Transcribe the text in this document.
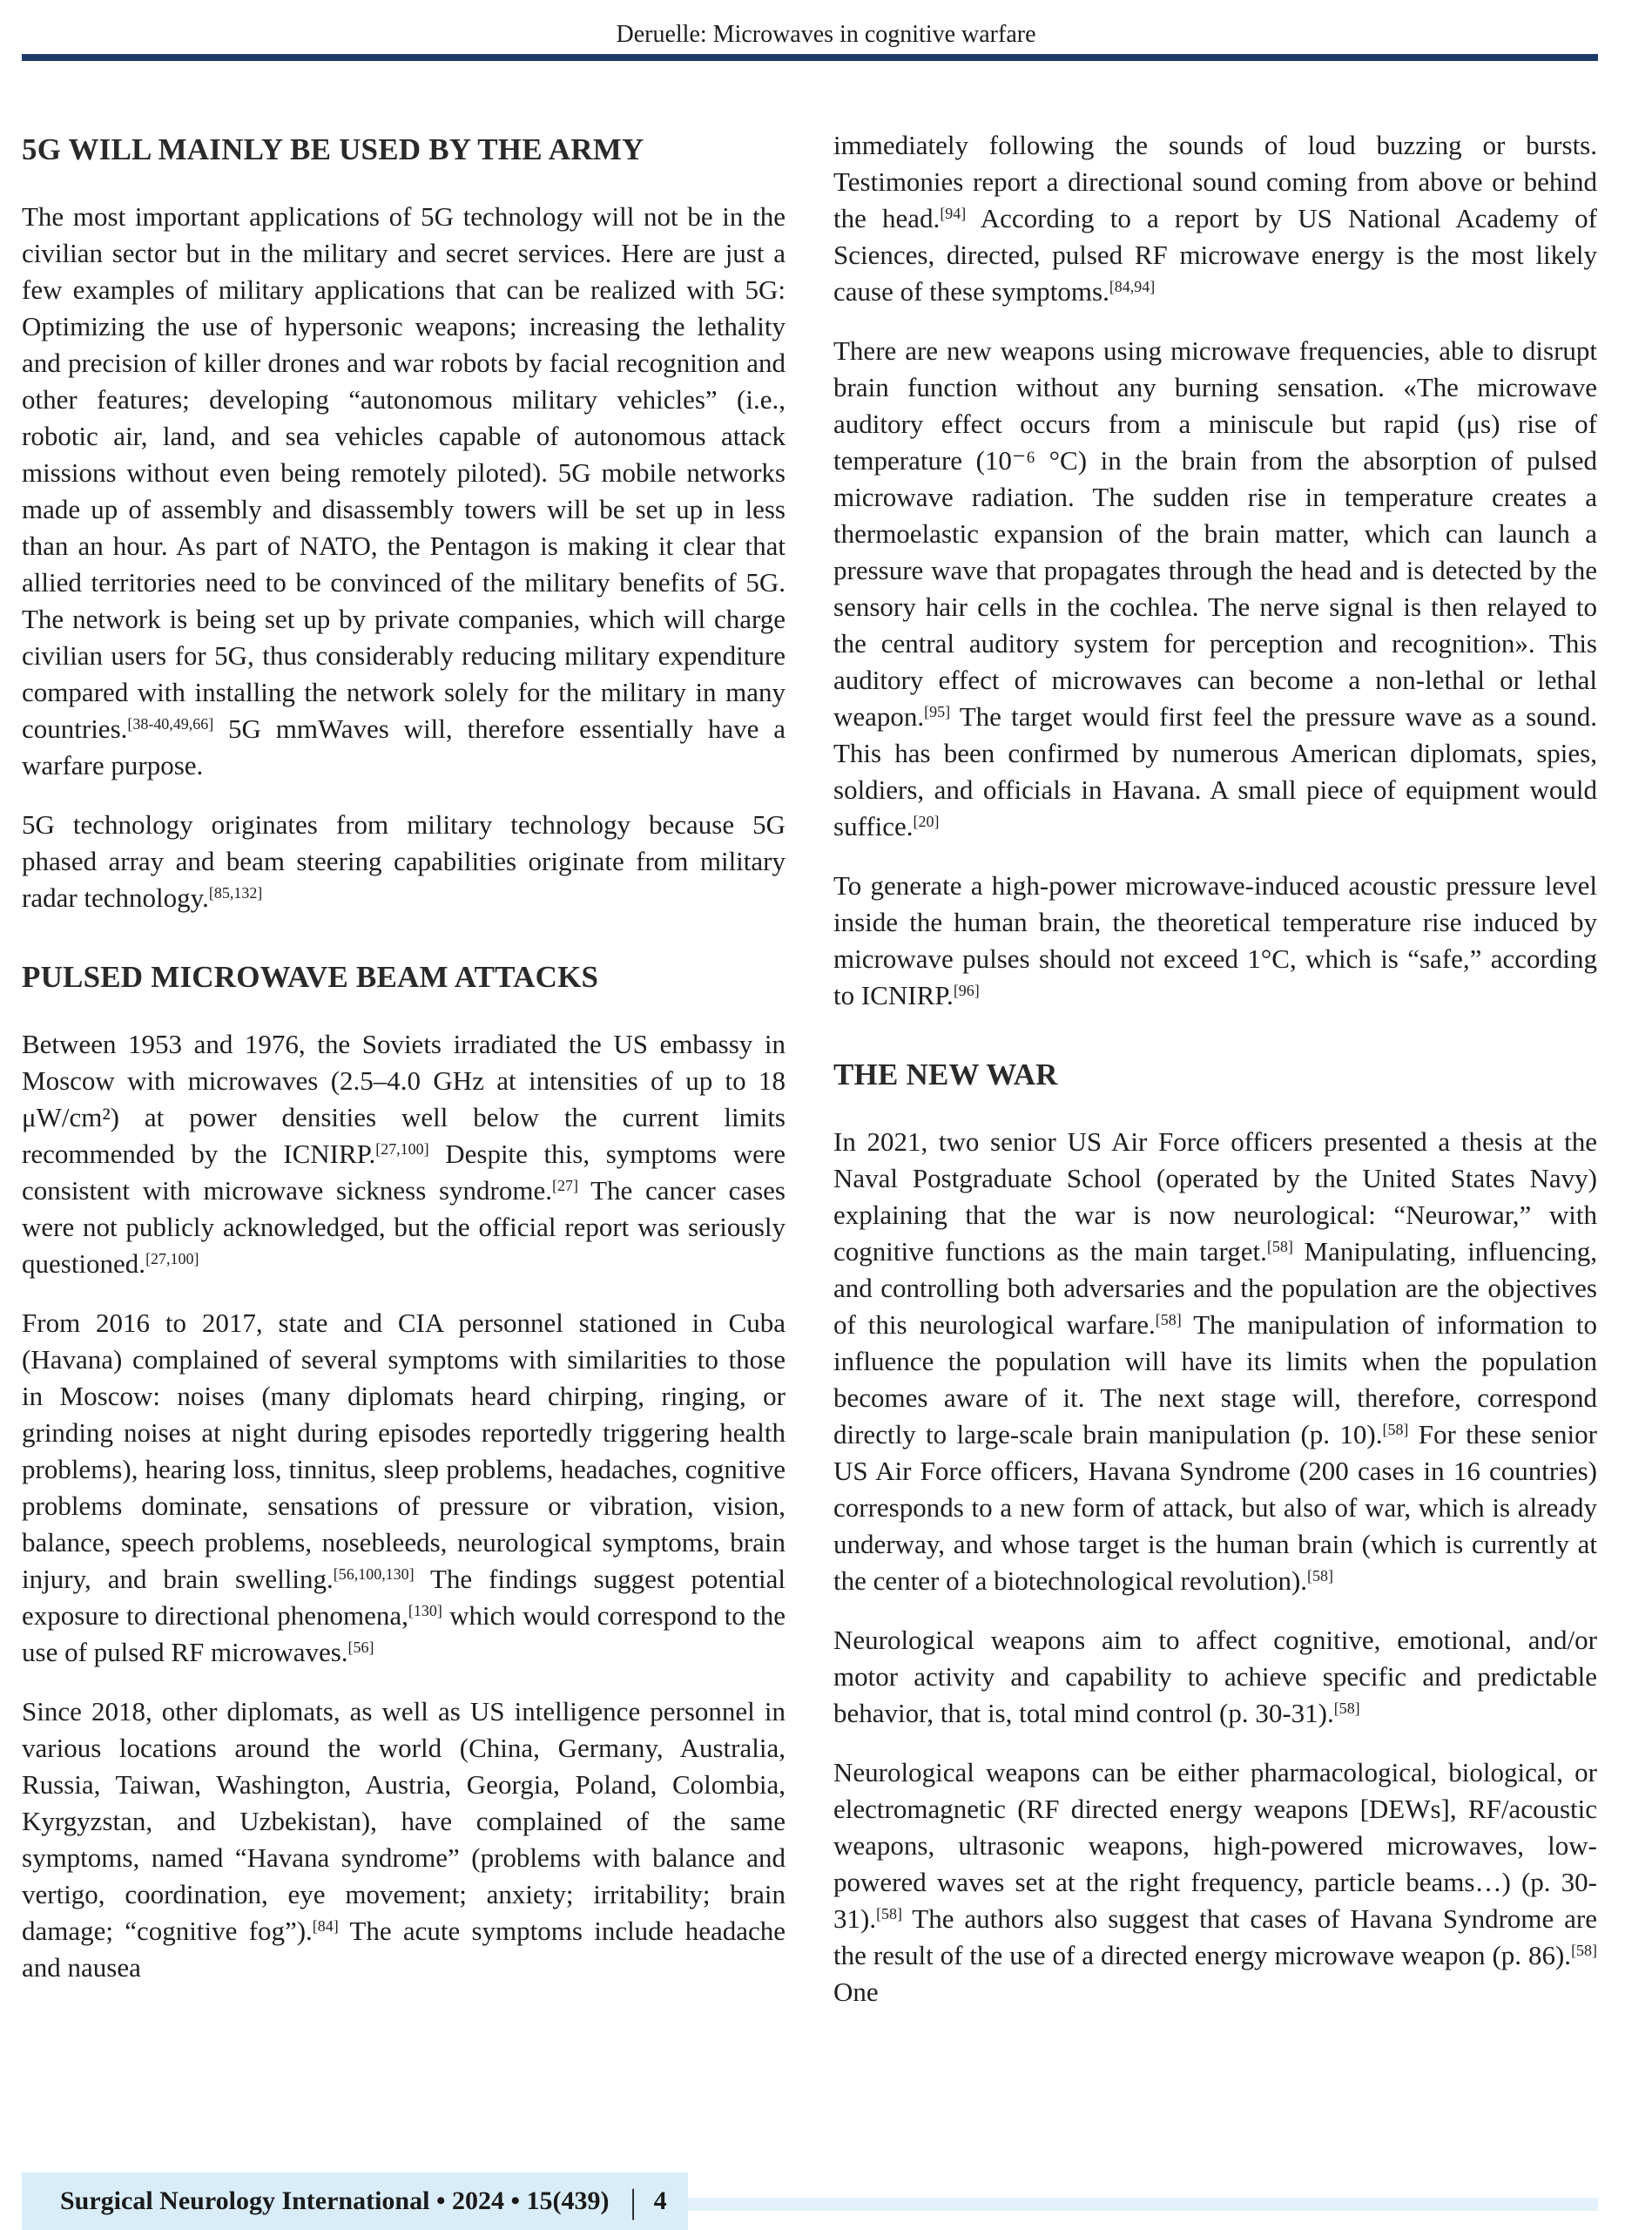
Deruelle: Microwaves in cognitive warfare
5G WILL MAINLY BE USED BY THE ARMY
The most important applications of 5G technology will not be in the civilian sector but in the military and secret services. Here are just a few examples of military applications that can be realized with 5G: Optimizing the use of hypersonic weapons; increasing the lethality and precision of killer drones and war robots by facial recognition and other features; developing “autonomous military vehicles” (i.e., robotic air, land, and sea vehicles capable of autonomous attack missions without even being remotely piloted). 5G mobile networks made up of assembly and disassembly towers will be set up in less than an hour. As part of NATO, the Pentagon is making it clear that allied territories need to be convinced of the military benefits of 5G. The network is being set up by private companies, which will charge civilian users for 5G, thus considerably reducing military expenditure compared with installing the network solely for the military in many countries.[38-40,49,66] 5G mmWaves will, therefore essentially have a warfare purpose.
5G technology originates from military technology because 5G phased array and beam steering capabilities originate from military radar technology.[85,132]
PULSED MICROWAVE BEAM ATTACKS
Between 1953 and 1976, the Soviets irradiated the US embassy in Moscow with microwaves (2.5–4.0 GHz at intensities of up to 18 μW/cm²) at power densities well below the current limits recommended by the ICNIRP.[27,100] Despite this, symptoms were consistent with microwave sickness syndrome.[27] The cancer cases were not publicly acknowledged, but the official report was seriously questioned.[27,100]
From 2016 to 2017, state and CIA personnel stationed in Cuba (Havana) complained of several symptoms with similarities to those in Moscow: noises (many diplomats heard chirping, ringing, or grinding noises at night during episodes reportedly triggering health problems), hearing loss, tinnitus, sleep problems, headaches, cognitive problems dominate, sensations of pressure or vibration, vision, balance, speech problems, nosebleeds, neurological symptoms, brain injury, and brain swelling.[56,100,130] The findings suggest potential exposure to directional phenomena,[130] which would correspond to the use of pulsed RF microwaves.[56]
Since 2018, other diplomats, as well as US intelligence personnel in various locations around the world (China, Germany, Australia, Russia, Taiwan, Washington, Austria, Georgia, Poland, Colombia, Kyrgyzstan, and Uzbekistan), have complained of the same symptoms, named “Havana syndrome” (problems with balance and vertigo, coordination, eye movement; anxiety; irritability; brain damage; “cognitive fog”).[84] The acute symptoms include headache and nausea
immediately following the sounds of loud buzzing or bursts. Testimonies report a directional sound coming from above or behind the head.[94] According to a report by US National Academy of Sciences, directed, pulsed RF microwave energy is the most likely cause of these symptoms.[84,94]
There are new weapons using microwave frequencies, able to disrupt brain function without any burning sensation. «The microwave auditory effect occurs from a miniscule but rapid (μs) rise of temperature (10⁻⁶ °C) in the brain from the absorption of pulsed microwave radiation. The sudden rise in temperature creates a thermoelastic expansion of the brain matter, which can launch a pressure wave that propagates through the head and is detected by the sensory hair cells in the cochlea. The nerve signal is then relayed to the central auditory system for perception and recognition». This auditory effect of microwaves can become a non-lethal or lethal weapon.[95] The target would first feel the pressure wave as a sound. This has been confirmed by numerous American diplomats, spies, soldiers, and officials in Havana. A small piece of equipment would suffice.[20]
To generate a high-power microwave-induced acoustic pressure level inside the human brain, the theoretical temperature rise induced by microwave pulses should not exceed 1°C, which is “safe,” according to ICNIRP.[96]
THE NEW WAR
In 2021, two senior US Air Force officers presented a thesis at the Naval Postgraduate School (operated by the United States Navy) explaining that the war is now neurological: “Neurowar,” with cognitive functions as the main target.[58] Manipulating, influencing, and controlling both adversaries and the population are the objectives of this neurological warfare.[58] The manipulation of information to influence the population will have its limits when the population becomes aware of it. The next stage will, therefore, correspond directly to large-scale brain manipulation (p. 10).[58] For these senior US Air Force officers, Havana Syndrome (200 cases in 16 countries) corresponds to a new form of attack, but also of war, which is already underway, and whose target is the human brain (which is currently at the center of a biotechnological revolution).[58]
Neurological weapons aim to affect cognitive, emotional, and/or motor activity and capability to achieve specific and predictable behavior, that is, total mind control (p. 30-31).[58]
Neurological weapons can be either pharmacological, biological, or electromagnetic (RF directed energy weapons [DEWs], RF/acoustic weapons, ultrasonic weapons, high-powered microwaves, low-powered waves set at the right frequency, particle beams…) (p. 30-31).[58] The authors also suggest that cases of Havana Syndrome are the result of the use of a directed energy microwave weapon (p. 86).[58] One
Surgical Neurology International • 2024 • 15(439) | 4
